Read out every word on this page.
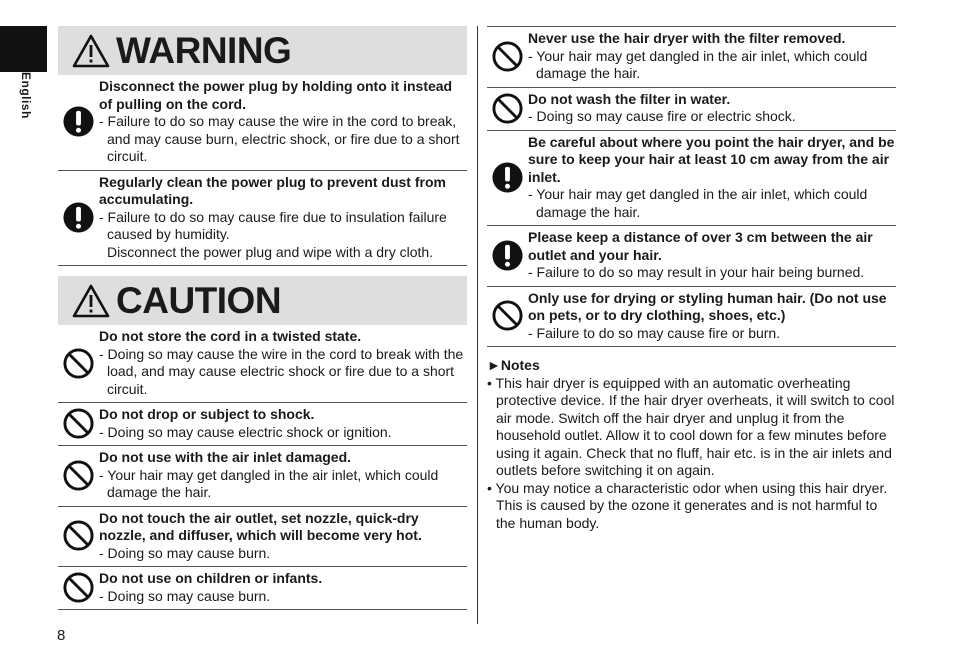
English
8
WARNING
Disconnect the power plug by holding onto it instead of pulling on the cord.
- Failure to do so may cause the wire in the cord to break, and may cause burn, electric shock, or fire due to a short circuit.
Regularly clean the power plug to prevent dust from accumulating.
- Failure to do so may cause fire due to insulation failure caused by humidity.
Disconnect the power plug and wipe with a dry cloth.
CAUTION
Do not store the cord in a twisted state.
- Doing so may cause the wire in the cord to break with the load, and may cause electric shock or fire due to a short circuit.
Do not drop or subject to shock.
- Doing so may cause electric shock or ignition.
Do not use with the air inlet damaged.
- Your hair may get dangled in the air inlet, which could damage the hair.
Do not touch the air outlet, set nozzle, quick-dry nozzle, and diffuser, which will become very hot.
- Doing so may cause burn.
Do not use on children or infants.
- Doing so may cause burn.
Never use the hair dryer with the filter removed.
- Your hair may get dangled in the air inlet, which could damage the hair.
Do not wash the filter in water.
- Doing so may cause fire or electric shock.
Be careful about where you point the hair dryer, and be sure to keep your hair at least 10 cm away from the air inlet.
- Your hair may get dangled in the air inlet, which could damage the hair.
Please keep a distance of over 3 cm between the air outlet and your hair.
- Failure to do so may result in your hair being burned.
Only use for drying or styling human hair. (Do not use on pets, or to dry clothing, shoes, etc.)
- Failure to do so may cause fire or burn.
►Notes
• This hair dryer is equipped with an automatic overheating protective device. If the hair dryer overheats, it will switch to cool air mode. Switch off the hair dryer and unplug it from the household outlet. Allow it to cool down for a few minutes before using it again. Check that no fluff, hair etc. is in the air inlets and outlets before switching it on again.
• You may notice a characteristic odor when using this hair dryer. This is caused by the ozone it generates and is not harmful to the human body.
